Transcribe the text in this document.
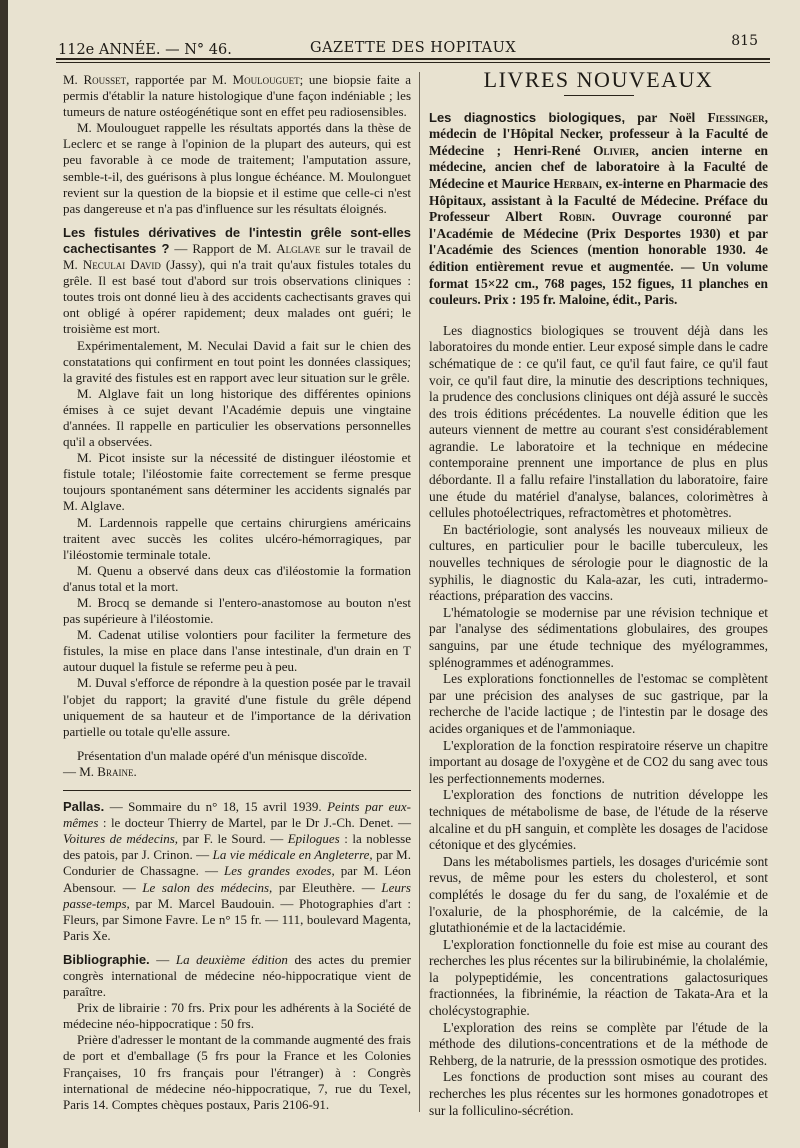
112e ANNÉE. — N° 46.	GAZETTE DES HOPITAUX	815

M. Rousset, rapportée par M. Moulouguet; une biopsie faite a permis d'établir la nature histologique d'une façon indéniable ; les tumeurs de nature ostéogénétique sont en effet peu radiosensibles.

M. Moulouguet rappelle les résultats apportés dans la thèse de Leclerc et se range à l'opinion de la plupart des auteurs, qui est peu favorable à ce mode de traitement; l'amputation assure, semble-t-il, des guérisons à plus longue échéance. M. Moulonguet revient sur la question de la biopsie et il estime que celle-ci n'est pas dangereuse et n'a pas d'influence sur les résultats éloignés.

Les fistules dérivatives de l'intestin grêle sont-elles cachectisantes ? — Rapport de M. Alglave sur le travail de M. Neculai David (Jassy), qui n'a trait qu'aux fistules totales du grêle. Il est basé tout d'abord sur trois observations cliniques : toutes trois ont donné lieu à des accidents cachectisants graves qui ont obligé à opérer rapidement; deux malades ont guéri; le troisième est mort.

Expérimentalement, M. Neculai David a fait sur le chien des constatations qui confirment en tout point les données classiques; la gravité des fistules est en rapport avec leur situation sur le grêle.

M. Alglave fait un long historique des différentes opinions émises à ce sujet devant l'Académie depuis une vingtaine d'années. Il rappelle en particulier les observations personnelles qu'il a observées.

M. Picot insiste sur la nécessité de distinguer iléostomie et fistule totale; l'iléostomie faite correctement se ferme presque toujours spontanément sans déterminer les accidents signalés par M. Alglave.

M. Lardennois rappelle que certains chirurgiens américains traitent avec succès les colites ulcéro-hémorragiques, par l'iléostomie terminale totale.

M. Quenu a observé dans deux cas d'iléostomie la formation d'anus total et la mort.

M. Brocq se demande si l'entero-anastomose au bouton n'est pas supérieure à l'iléostomie.

M. Cadenat utilise volontiers pour faciliter la fermeture des fistules, la mise en place dans l'anse intestinale, d'un drain en T autour duquel la fistule se referme peu à peu.

M. Duval s'efforce de répondre à la question posée par le travail l'objet du rapport; la gravité d'une fistule du grêle dépend uniquement de sa hauteur et de l'importance de la dérivation partielle ou totale qu'elle assure.

Présentation d'un malade opéré d'un ménisque discoïde.

— M. Braine.

Pallas. — Sommaire du n° 18, 15 avril 1939. Peints par eux-mêmes : le docteur Thierry de Martel, par le Dr J.-Ch. Denet. — Voitures de médecins, par F. le Sourd. — Epilogues : la noblesse des patois, par J. Crinon. — La vie médicale en Angleterre, par M. Condurier de Chassagne. — Les grandes exodes, par M. Léon Abensour. — Le salon des médecins, par Eleuthère. — Leurs passe-temps, par M. Marcel Baudouin. — Photographies d'art : Fleurs, par Simone Favre. Le n° 15 fr. — 111, boulevard Magenta, Paris Xe.

Bibliographie. — La deuxième édition des actes du premier congrès international de médecine néo-hippocratique vient de paraître.

Prix de librairie : 70 frs. Prix pour les adhérents à la Société de médecine néo-hippocratique : 50 frs.

Prière d'adresser le montant de la commande augmenté des frais de port et d'emballage (5 frs pour la France et les Colonies Françaises, 10 frs français pour l'étranger) à : Congrès international de médecine néo-hippocratique, 7, rue du Texel, Paris 14. Comptes chèques postaux, Paris 2106-91.

LIVRES NOUVEAUX

Les diagnostics biologiques, par Noël Fiessinger, médecin de l'Hôpital Necker, professeur à la Faculté de Médecine ; Henri-René Olivier, ancien interne en médecine, ancien chef de laboratoire à la Faculté de Médecine et Maurice Herbain, ex-interne en Pharmacie des Hôpitaux, assistant à la Faculté de Médecine. Préface du Professeur Albert Robin. Ouvrage couronné par l'Académie de Médecine (Prix Desportes 1930) et par l'Académie des Sciences (mention honorable 1930. 4e édition entièrement revue et augmentée. — Un volume format 15×22 cm., 768 pages, 152 figues, 11 planches en couleurs. Prix : 195 fr. Maloine, édit., Paris.

Les diagnostics biologiques se trouvent déjà dans les laboratoires du monde entier. Leur exposé simple dans le cadre schématique de : ce qu'il faut, ce qu'il faut faire, ce qu'il faut voir, ce qu'il faut dire, la minutie des descriptions techniques, la prudence des conclusions cliniques ont déjà assuré le succès des trois éditions précédentes. La nouvelle édition que les auteurs viennent de mettre au courant s'est considérablement agrandie. Le laboratoire et la technique en médecine contemporaine prennent une importance de plus en plus débordante. Il a fallu refaire l'installation du laboratoire, faire une étude du matériel d'analyse, balances, colorimètres à cellules photoélectriques, refractomètres et photomètres.

En bactériologie, sont analysés les nouveaux milieux de cultures, en particulier pour le bacille tuberculeux, les nouvelles techniques de sérologie pour le diagnostic de la syphilis, le diagnostic du Kala-azar, les cuti, intradermo-réactions, préparation des vaccins.

L'hématologie se modernise par une révision technique et par l'analyse des sédimentations globulaires, des groupes sanguins, par une étude technique des myélogrammes, splénogrammes et adénogrammes.

Les explorations fonctionnelles de l'estomac se complètent par une précision des analyses de suc gastrique, par la recherche de l'acide lactique ; de l'intestin par le dosage des acides organiques et de l'ammoniaque.

L'exploration de la fonction respiratoire réserve un chapitre important au dosage de l'oxygène et de CO2 du sang avec tous les perfectionnements modernes.

L'exploration des fonctions de nutrition développe les techniques de métabolisme de base, de l'étude de la réserve alcaline et du pH sanguin, et complète les dosages de l'acidose cétonique et des glycémies.

Dans les métabolismes partiels, les dosages d'uricémie sont revus, de même pour les esters du cholesterol, et sont complétés le dosage du fer du sang, de l'oxalémie et de l'oxalurie, de la phosphorémie, de la calcémie, de la glutathionémie et de la lactacidémie.

L'exploration fonctionnelle du foie est mise au courant des recherches les plus récentes sur la bilirubinémie, la cholalémie, la polypeptidémie, les concentrations galactosuriques fractionnées, la fibrinémie, la réaction de Takata-Ara et la cholécystographie.

L'exploration des reins se complète par l'étude de la méthode des dilutions-concentrations et de la méthode de Rehberg, de la natrurie, de la presssion osmotique des protides.

Les fonctions de production sont mises au courant des recherches les plus récentes sur les hormones gonadotropes et sur la folliculino-sécrétion.
